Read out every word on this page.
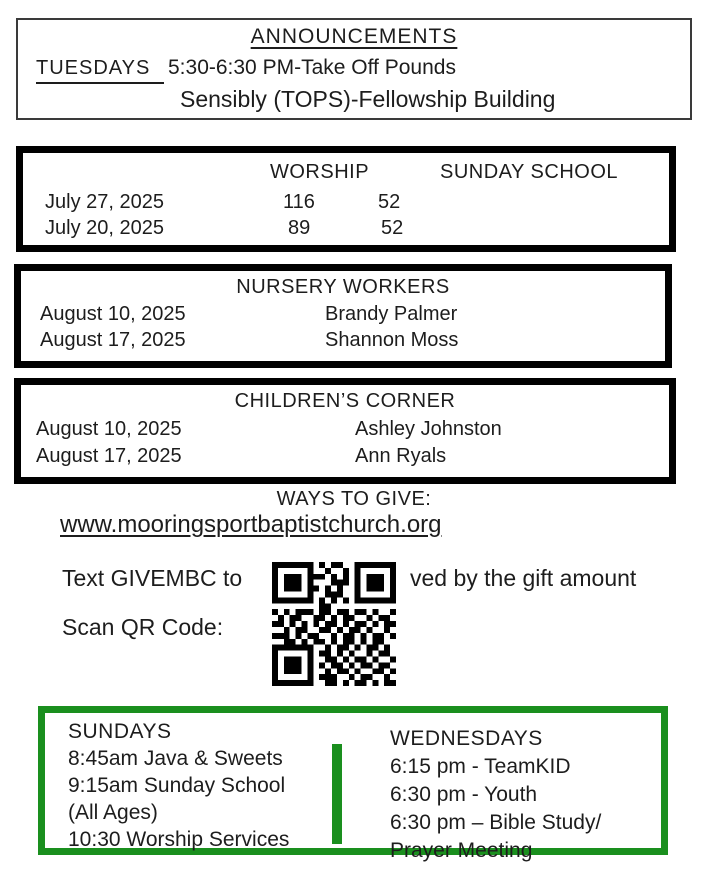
ANNOUNCEMENTS
TUESDAYS 5:30-6:30 PM-Take Off Pounds
Sensibly (TOPS)-Fellowship Building
WORSHIP	SUNDAY SCHOOL
July 27, 2025	116	52
July 20, 2025	89	52
NURSERY WORKERS
August 10, 2025	Brandy Palmer
August 17, 2025	Shannon Moss
CHILDREN’S CORNER
August 10, 2025	Ashley Johnston
August 17, 2025	Ann Ryals
WAYS TO GIVE:
www.mooringsportbaptistchurch.org
Text GIVEMBC to	ved by the gift amount
Scan QR Code:
SUNDAYS
8:45am Java & Sweets
9:15am Sunday School
(All Ages)
10:30 Worship Services
WEDNESDAYS
6:15 pm - TeamKID
6:30 pm - Youth
6:30 pm – Bible Study/
Prayer Meeting
